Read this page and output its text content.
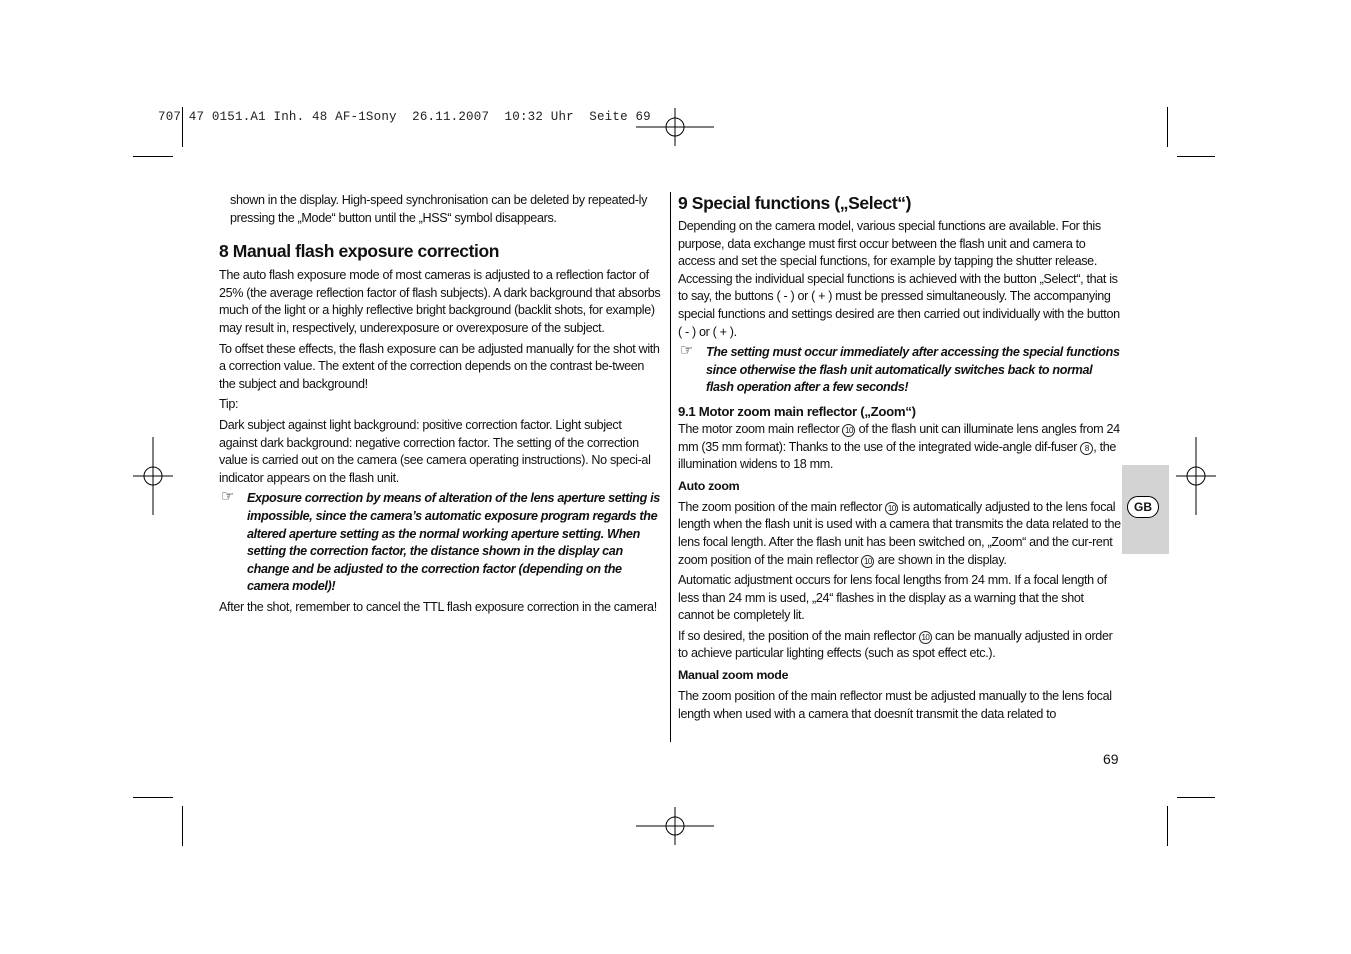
707 47 0151.A1 Inh. 48 AF-1Sony  26.11.2007  10:32 Uhr  Seite 69

shown in the display. High-speed synchronisation can be deleted by repeated-ly pressing the „Mode“ button until the „HSS“ symbol disappears.

8 Manual flash exposure correction

The auto flash exposure mode of most cameras is adjusted to a reflection factor of 25% (the average reflection factor of flash subjects). A dark background that absorbs much of the light or a highly reflective bright background (backlit shots, for example) may result in, respectively, underexposure or overexposure of the subject.

To offset these effects, the flash exposure can be adjusted manually for the shot with a correction value. The extent of the correction depends on the contrast be-tween the subject and background!

Tip:

Dark subject against light background: positive correction factor. Light subject against dark background: negative correction factor. The setting of the correction value is carried out on the camera (see camera operating instructions). No speci-al indicator appears on the flash unit.

☞ Exposure correction by means of alteration of the lens aperture setting is impossible, since the camera’s automatic exposure program regards the altered aperture setting as the normal working aperture setting. When setting the correction factor, the distance shown in the display can change and be adjusted to the correction factor (depending on the camera model)!

After the shot, remember to cancel the TTL flash exposure correction in the camera!

9 Special functions („Select“)

Depending on the camera model, various special functions are available. For this purpose, data exchange must first occur between the flash unit and camera to access and set the special functions, for example by tapping the shutter release. Accessing the individual special functions is achieved with the button „Select“, that is to say, the buttons ( - ) or ( + ) must be pressed simultaneously. The accompanying special functions and settings desired are then carried out individually with the button ( - ) or ( + ).

☞ The setting must occur immediately after accessing the special functions since otherwise the flash unit automatically switches back to normal flash operation after a few seconds!
9.1 Motor zoom main reflector („Zoom“)

The motor zoom main reflector 10 of the flash unit can illuminate lens angles from 24 mm (35 mm format): Thanks to the use of the integrated wide-angle dif-fuser 8 , the illumination widens to 18 mm.

Auto zoom

The zoom position of the main reflector 10 is automatically adjusted to the lens focal length when the flash unit is used with a camera that transmits the data related to the lens focal length. After the flash unit has been switched on, „Zoom“ and the cur-rent zoom position of the main reflector 10 are shown in the display.

Automatic adjustment occurs for lens focal lengths from 24 mm. If a focal length of less than 24 mm is used, „24“ flashes in the display as a warning that the shot cannot be completely lit.

If so desired, the position of the main reflector 10 can be manually adjusted in order to achieve particular lighting effects (such as spot effect etc.).

Manual zoom mode

The zoom position of the main reflector must be adjusted manually to the lens focal length when used with a camera that doesnít transmit the data related to

GB
69
